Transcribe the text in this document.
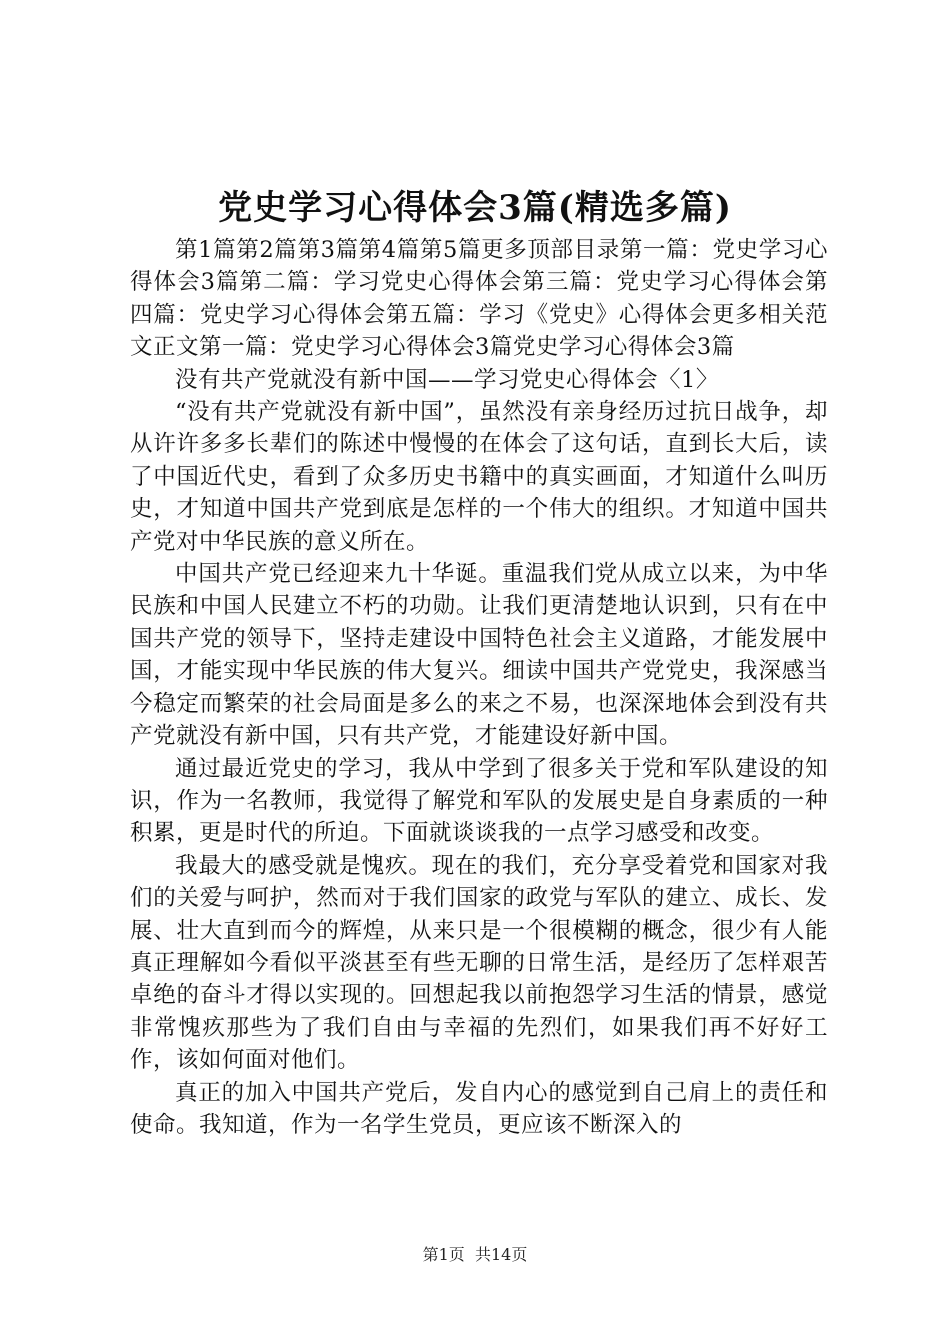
党史学习心得体会3篇(精选多篇)

第1篇第2篇第3篇第4篇第5篇更多顶部目录第一篇：党史学习心得体会3篇第二篇：学习党史心得体会第三篇：党史学习心得体会第四篇：党史学习心得体会第五篇：学习《党史》心得体会更多相关范文正文第一篇：党史学习心得体会3篇党史学习心得体会3篇

没有共产党就没有新中国——学习党史心得体会〈1〉

“没有共产党就没有新中国”，虽然没有亲身经历过抗日战争，却从许许多多长辈们的陈述中慢慢的在体会了这句话，直到长大后，读了中国近代史，看到了众多历史书籍中的真实画面，才知道什么叫历史，才知道中国共产党到底是怎样的一个伟大的组织。才知道中国共产党对中华民族的意义所在。

中国共产党已经迎来九十华诞。重温我们党从成立以来，为中华民族和中国人民建立不朽的功勋。让我们更清楚地认识到，只有在中国共产党的领导下，坚持走建设中国特色社会主义道路，才能发展中国，才能实现中华民族的伟大复兴。细读中国共产党党史，我深感当今稳定而繁荣的社会局面是多么的来之不易，也深深地体会到没有共产党就没有新中国，只有共产党，才能建设好新中国。

通过最近党史的学习，我从中学到了很多关于党和军队建设的知识，作为一名教师，我觉得了解党和军队的发展史是自身素质的一种积累，更是时代的所迫。下面就谈谈我的一点学习感受和改变。

我最大的感受就是愧疚。现在的我们，充分享受着党和国家对我们的关爱与呵护，然而对于我们国家的政党与军队的建立、成长、发展、壮大直到而今的辉煌，从来只是一个很模糊的概念，很少有人能真正理解如今看似平淡甚至有些无聊的日常生活，是经历了怎样艰苦卓绝的奋斗才得以实现的。回想起我以前抱怨学习生活的情景，感觉非常愧疚那些为了我们自由与幸福的先烈们，如果我们再不好好工作，该如何面对他们。

真正的加入中国共产党后，发自内心的感觉到自己肩上的责任和使命。我知道，作为一名学生党员，更应该不断深入的

第1页 共14页
